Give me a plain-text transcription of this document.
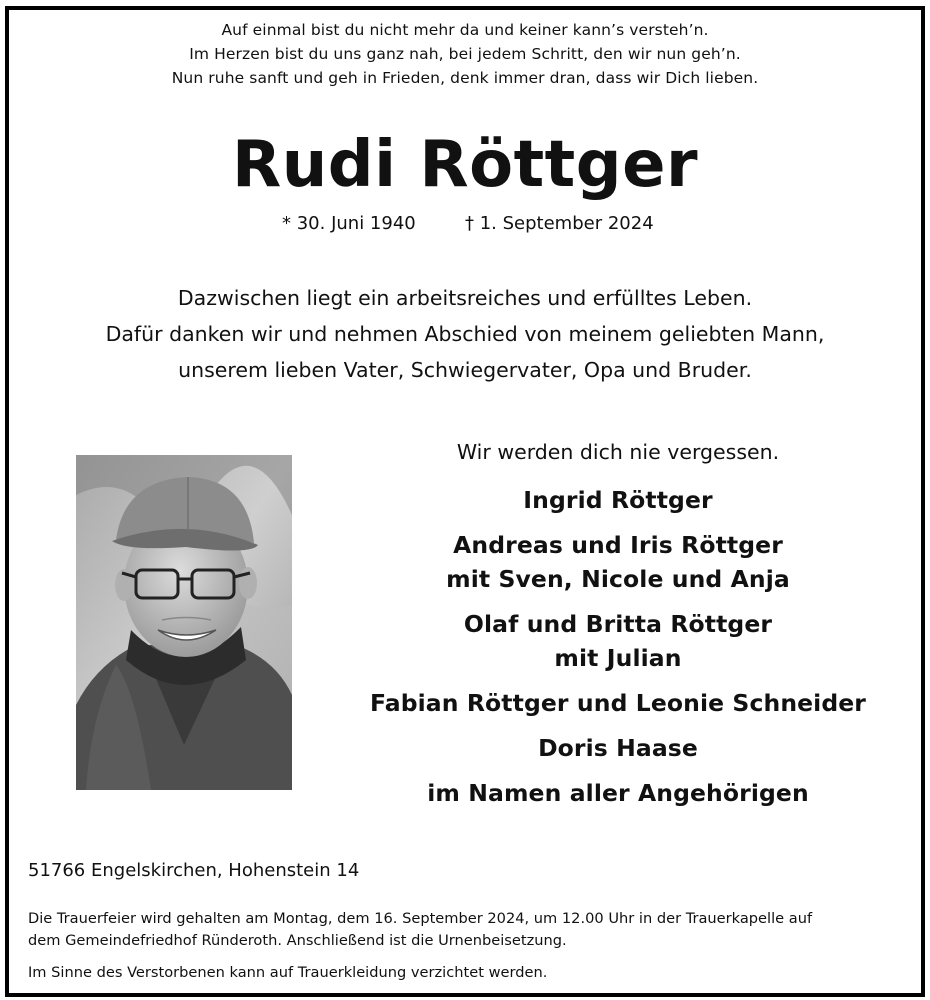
Auf einmal bist du nicht mehr da und keiner kann’s versteh’n.
Im Herzen bist du uns ganz nah, bei jedem Schritt, den wir nun geh’n.
Nun ruhe sanft und geh in Frieden, denk immer dran, dass wir Dich lieben.
Rudi Röttger
* 30. Juni 1940	† 1. September 2024
Dazwischen liegt ein arbeitsreiches und erfülltes Leben.
Dafür danken wir und nehmen Abschied von meinem geliebten Mann,
unserem lieben Vater, Schwiegervater, Opa und Bruder.
Wir werden dich nie vergessen.
Ingrid Röttger
Andreas und Iris Röttger
mit Sven, Nicole und Anja
Olaf und Britta Röttger
mit Julian
Fabian Röttger und Leonie Schneider
Doris Haase
im Namen aller Angehörigen
51766 Engelskirchen, Hohenstein 14
Die Trauerfeier wird gehalten am Montag, dem 16. September 2024, um 12.00 Uhr in der Trauerkapelle auf
dem Gemeindefriedhof Ründeroth. Anschließend ist die Urnenbeisetzung.
Im Sinne des Verstorbenen kann auf Trauerkleidung verzichtet werden.
